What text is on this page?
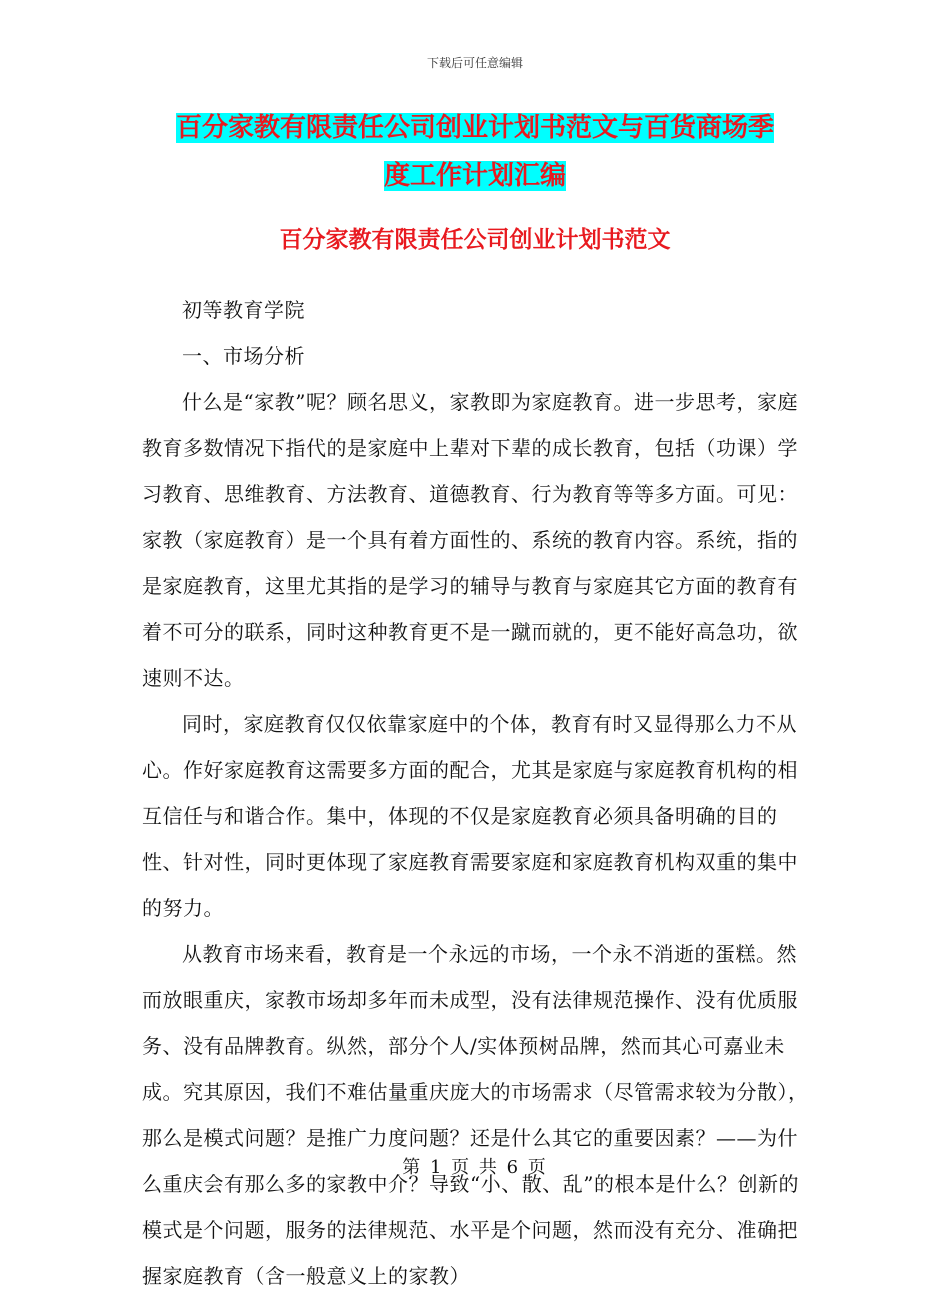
下载后可任意编辑
百分家教有限责任公司创业计划书范文与百货商场季
度工作计划汇编
百分家教有限责任公司创业计划书范文

初等教育学院

一、市场分析

什么是“家教”呢？顾名思义，家教即为家庭教育。进一步思考，家庭教育多数情况下指代的是家庭中上辈对下辈的成长教育，包括（功课）学习教育、思维教育、方法教育、道德教育、行为教育等等多方面。可见：家教（家庭教育）是一个具有着方面性的、系统的教育内容。系统，指的是家庭教育，这里尤其指的是学习的辅导与教育与家庭其它方面的教育有着不可分的联系，同时这种教育更不是一蹴而就的，更不能好高急功，欲速则不达。

同时，家庭教育仅仅依靠家庭中的个体，教育有时又显得那么力不从心。作好家庭教育这需要多方面的配合，尤其是家庭与家庭教育机构的相互信任与和谐合作。集中，体现的不仅是家庭教育必须具备明确的目的性、针对性，同时更体现了家庭教育需要家庭和家庭教育机构双重的集中的努力。

从教育市场来看，教育是一个永远的市场，一个永不消逝的蛋糕。然而放眼重庆，家教市场却多年而未成型，没有法律规范操作、没有优质服务、没有品牌教育。纵然，部分个人/实体预树品牌，然而其心可嘉业未成。究其原因，我们不难估量重庆庞大的市场需求（尽管需求较为分散），那么是模式问题？是推广力度问题？还是什么其它的重要因素？——为什么重庆会有那么多的家教中介？导致“小、散、乱”的根本是什么？创新的模式是个问题，服务的法律规范、水平是个问题，然而没有充分、准确把握家庭教育（含一般意义上的家教）

第 1 页 共 6 页
